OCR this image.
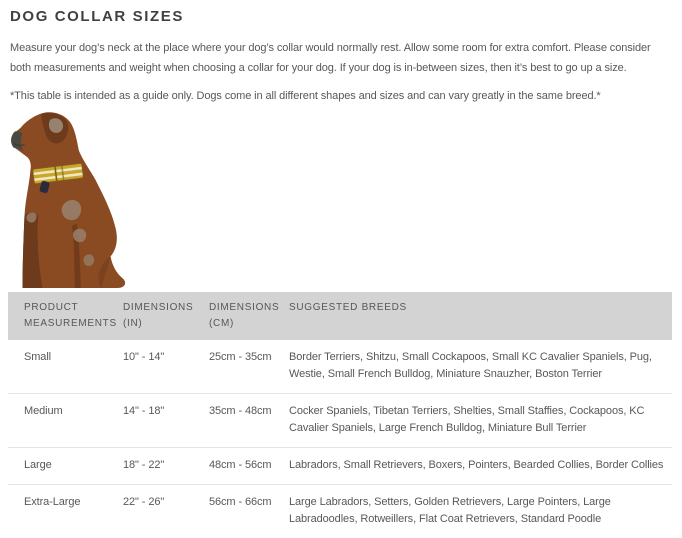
DOG COLLAR SIZES

Measure your dog’s neck at the place where your dog’s collar would normally rest. Allow some room for extra comfort. Please consider both measurements and weight when choosing a collar for your dog. If your dog is in-between sizes, then it’s best to go up a size.

*This table is intended as a guide only. Dogs come in all different shapes and sizes and can vary greatly in the same breed.*

PRODUCT MEASUREMENTS	DIMENSIONS (IN)	DIMENSIONS (CM)	SUGGESTED BREEDS
Small	10" - 14"	25cm - 35cm	Border Terriers, Shitzu, Small Cockapoos, Small KC Cavalier Spaniels, Pug, Westie, Small French Bulldog, Miniature Snauzher, Boston Terrier
Medium	14" - 18"	35cm - 48cm	Cocker Spaniels, Tibetan Terriers, Shelties, Small Staffies, Cockapoos, KC Cavalier Spaniels, Large French Bulldog, Miniature Bull Terrier
Large	18" - 22"	48cm - 56cm	Labradors, Small Retrievers, Boxers, Pointers, Bearded Collies, Border Collies
Extra-Large	22" - 26"	56cm - 66cm	Large Labradors, Setters, Golden Retrievers, Large Pointers, Large Labradoodles, Rotweillers, Flat Coat Retrievers, Standard Poodle
